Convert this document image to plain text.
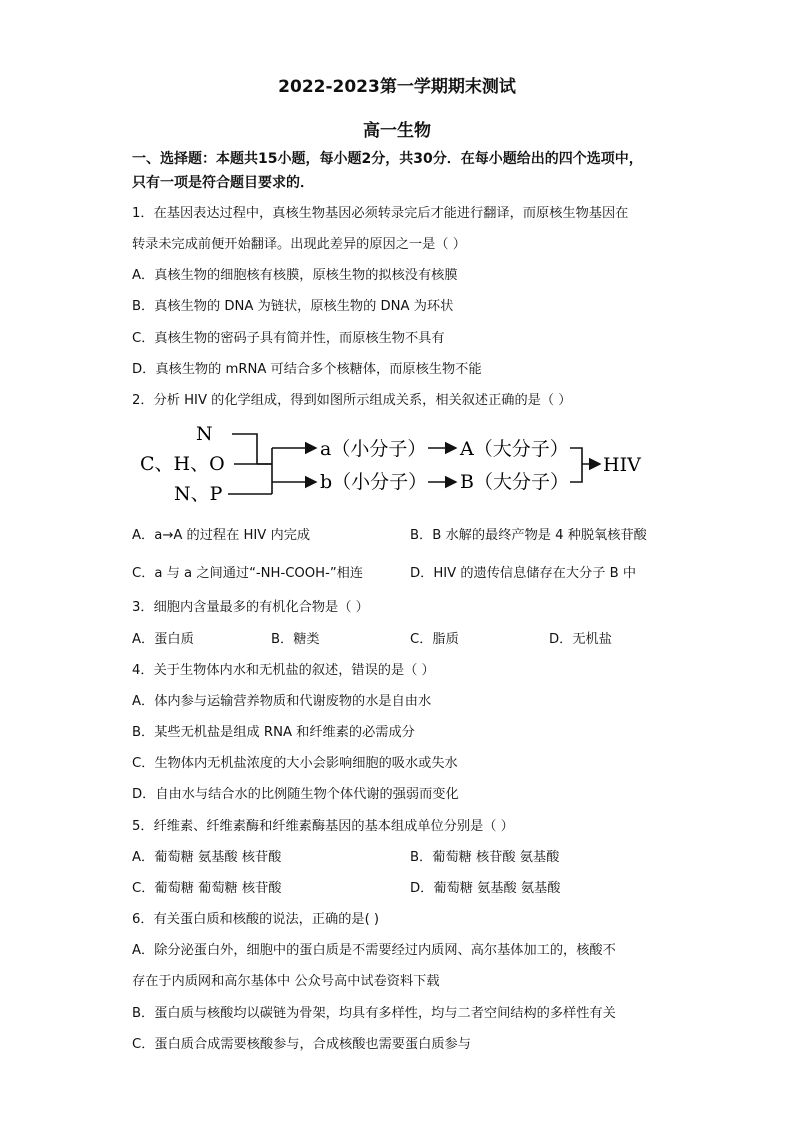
2022-2023第一学期期末测试
高一生物
一、选择题：本题共15小题，每小题2分，共30分．在每小题给出的四个选项中，
只有一项是符合题目要求的．
1．在基因表达过程中，真核生物基因必须转录完后才能进行翻译，而原核生物基因在
转录未完成前便开始翻译。出现此差异的原因之一是（ ）
A．真核生物的细胞核有核膜，原核生物的拟核没有核膜
B．真核生物的 DNA 为链状，原核生物的 DNA 为环状
C．真核生物的密码子具有简并性，而原核生物不具有
D．真核生物的 mRNA 可结合多个核糖体，而原核生物不能
2．分析 HIV 的化学组成，得到如图所示组成关系，相关叙述正确的是（ ）
N
C、H、O
N、P
a（小分子）
b（小分子）
A（大分子）
B（大分子）
HIV
A．a→A 的过程在 HIV 内完成	B．B 水解的最终产物是 4 种脱氧核苷酸
C．a 与 a 之间通过“-NH-COOH-”相连	D．HIV 的遗传信息储存在大分子 B 中
3．细胞内含量最多的有机化合物是（ ）
A．蛋白质	B．糖类	C．脂质	D．无机盐
4．关于生物体内水和无机盐的叙述，错误的是（ ）
A．体内参与运输营养物质和代谢废物的水是自由水
B．某些无机盐是组成 RNA 和纤维素的必需成分
C．生物体内无机盐浓度的大小会影响细胞的吸水或失水
D．自由水与结合水的比例随生物个体代谢的强弱而变化
5．纤维素、纤维素酶和纤维素酶基因的基本组成单位分别是（ ）
A．葡萄糖 氨基酸 核苷酸	B．葡萄糖 核苷酸 氨基酸
C．葡萄糖 葡萄糖 核苷酸	D．葡萄糖 氨基酸 氨基酸
6．有关蛋白质和核酸的说法，正确的是( )
A．除分泌蛋白外，细胞中的蛋白质是不需要经过内质网、高尔基体加工的，核酸不
存在于内质网和高尔基体中 公众号高中试卷资料下载
B．蛋白质与核酸均以碳链为骨架，均具有多样性，均与二者空间结构的多样性有关
C．蛋白质合成需要核酸参与，合成核酸也需要蛋白质参与
